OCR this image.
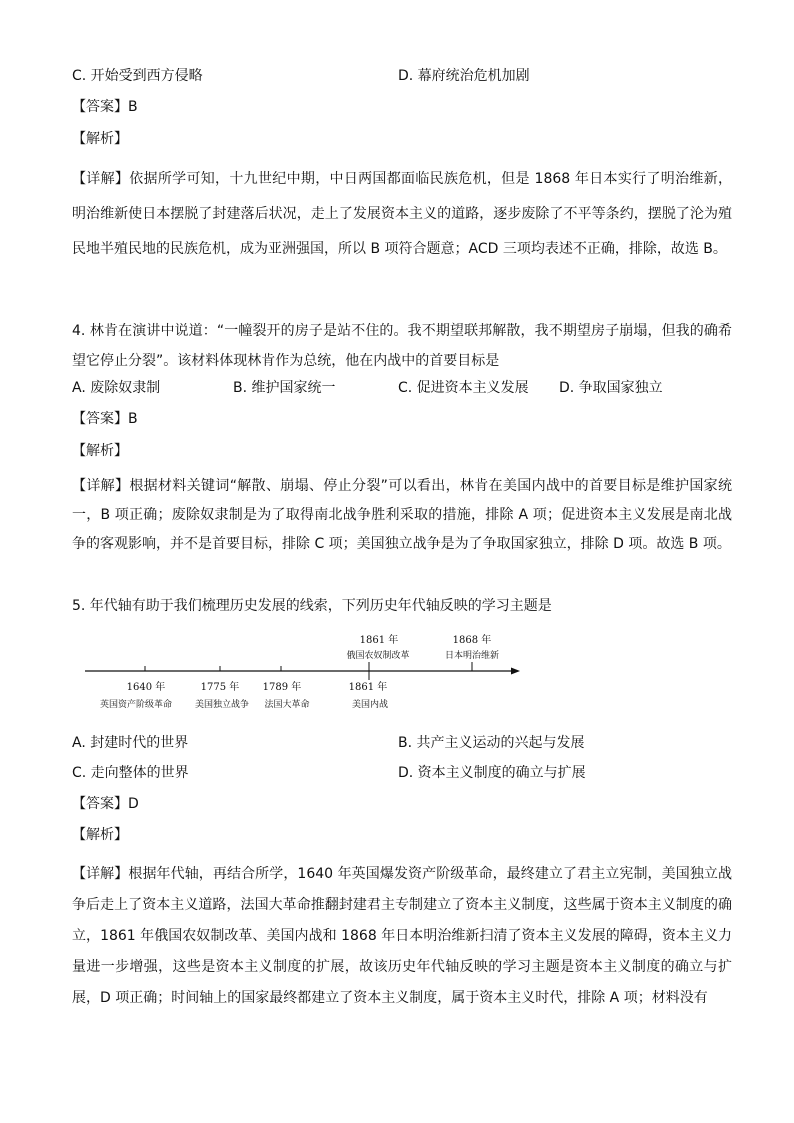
C. 开始受到西方侵略	D. 幕府统治危机加剧
【答案】B
【解析】
【详解】依据所学可知，十九世纪中期，中日两国都面临民族危机，但是 1868 年日本实行了明治维新，明治维新使日本摆脱了封建落后状况，走上了发展资本主义的道路，逐步废除了不平等条约，摆脱了沦为殖民地半殖民地的民族危机，成为亚洲强国，所以 B 项符合题意；ACD 三项均表述不正确，排除，故选 B。
4. 林肯在演讲中说道：“一幢裂开的房子是站不住的。我不期望联邦解散，我不期望房子崩塌，但我的确希望它停止分裂”。该材料体现林肯作为总统，他在内战中的首要目标是
A. 废除奴隶制	B. 维护国家统一	C. 促进资本主义发展 D. 争取国家独立
【答案】B
【解析】
【详解】根据材料关键词“解散、崩塌、停止分裂”可以看出，林肯在美国内战中的首要目标是维护国家统一，B 项正确；废除奴隶制是为了取得南北战争胜利采取的措施，排除 A 项；促进资本主义发展是南北战争的客观影响，并不是首要目标，排除 C 项；美国独立战争是为了争取国家独立，排除 D 项。故选 B 项。
5. 年代轴有助于我们梳理历史发展的线索，下列历史年代轴反映的学习主题是
1640 年
英国资产阶级革命
1775 年
美国独立战争
1789 年
法国大革命
1861 年
美国内战
1861 年
俄国农奴制改革
1868 年
日本明治维新
A. 封建时代的世界	B. 共产主义运动的兴起与发展
C. 走向整体的世界	D. 资本主义制度的确立与扩展
【答案】D
【解析】
【详解】根据年代轴，再结合所学，1640 年英国爆发资产阶级革命，最终建立了君主立宪制，美国独立战争后走上了资本主义道路，法国大革命推翻封建君主专制建立了资本主义制度，这些属于资本主义制度的确立，1861 年俄国农奴制改革、美国内战和 1868 年日本明治维新扫清了资本主义发展的障碍，资本主义力量进一步增强，这些是资本主义制度的扩展，故该历史年代轴反映的学习主题是资本主义制度的确立与扩展，D 项正确；时间轴上的国家最终都建立了资本主义制度，属于资本主义时代，排除 A 项；材料没有
